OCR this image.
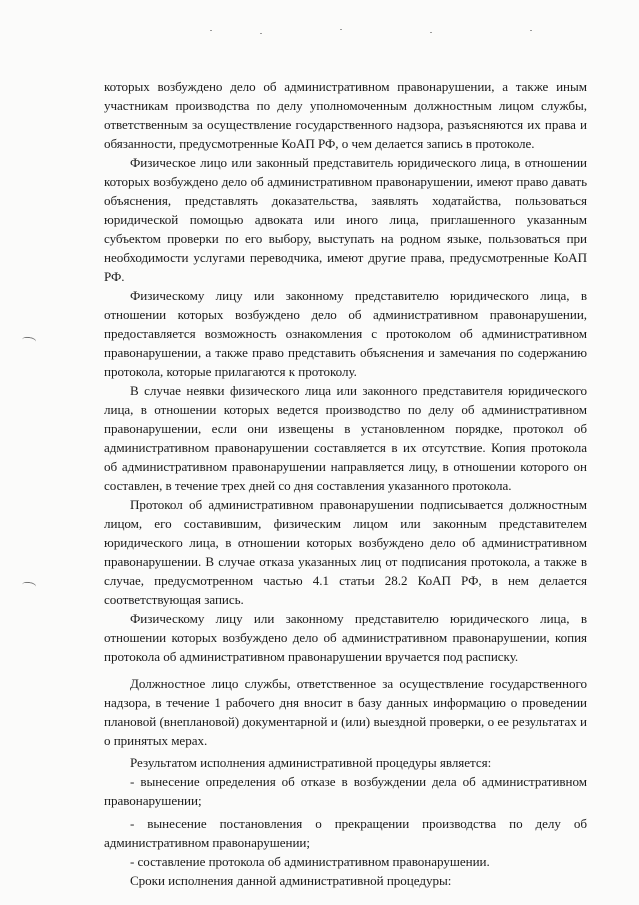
которых возбуждено дело об административном правонарушении, а также иным участникам производства по делу уполномоченным должностным лицом службы, ответственным за осуществление государственного надзора, разъясняются их права и обязанности, предусмотренные КоАП РФ, о чем делается запись в протоколе.

Физическое лицо или законный представитель юридического лица, в отношении которых возбуждено дело об административном правонарушении, имеют право давать объяснения, представлять доказательства, заявлять ходатайства, пользоваться юридической помощью адвоката или иного лица, приглашенного указанным субъектом проверки по его выбору, выступать на родном языке, пользоваться при необходимости услугами переводчика, имеют другие права, предусмотренные КоАП РФ.

Физическому лицу или законному представителю юридического лица, в отношении которых возбуждено дело об административном правонарушении, предоставляется возможность ознакомления с протоколом об административном правонарушении, а также право представить объяснения и замечания по содержанию протокола, которые прилагаются к протоколу.

В случае неявки физического лица или законного представителя юридического лица, в отношении которых ведется производство по делу об административном правонарушении, если они извещены в установленном порядке, протокол об административном правонарушении составляется в их отсутствие. Копия протокола об административном правонарушении направляется лицу, в отношении которого он составлен, в течение трех дней со дня составления указанного протокола.

Протокол об административном правонарушении подписывается должностным лицом, его составившим, физическим лицом или законным представителем юридического лица, в отношении которых возбуждено дело об административном правонарушении. В случае отказа указанных лиц от подписания протокола, а также в случае, предусмотренном частью 4.1 статьи 28.2 КоАП РФ, в нем делается соответствующая запись.

Физическому лицу или законному представителю юридического лица, в отношении которых возбуждено дело об административном правонарушении, копия протокола об административном правонарушении вручается под расписку.

Должностное лицо службы, ответственное за осуществление государственного надзора, в течение 1 рабочего дня вносит в базу данных информацию о проведении плановой (внеплановой) документарной и (или) выездной проверки, о ее результатах и о принятых мерах.

Результатом исполнения административной процедуры является:

- вынесение определения об отказе в возбуждении дела об административном правонарушении;
- вынесение постановления о прекращении производства по делу об административном правонарушении;
- составление протокола об административном правонарушении.

Сроки исполнения данной административной процедуры:
